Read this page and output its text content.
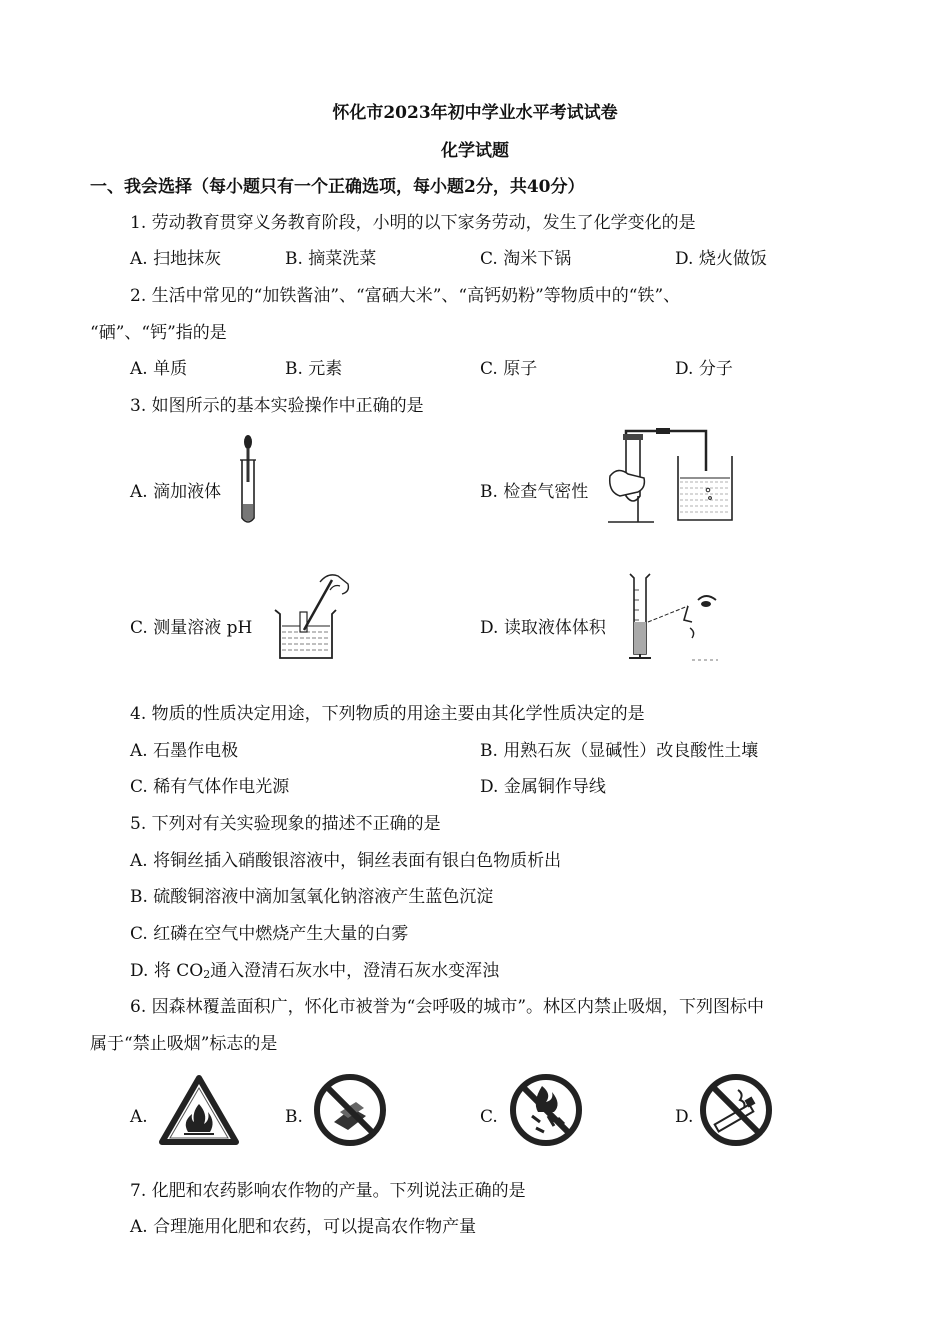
怀化市2023年初中学业水平考试试卷
化学试题
一、我会选择（每小题只有一个正确选项，每小题2分，共40分）
1. 劳动教育贯穿义务教育阶段，小明的以下家务劳动，发生了化学变化的是
A. 扫地抹灰	B. 摘菜洗菜	C. 淘米下锅	D. 烧火做饭
2. 生活中常见的“加铁酱油”、“富硒大米”、“高钙奶粉”等物质中的“铁”、
“硒”、“钙”指的是
A. 单质	B. 元素	C. 原子	D. 分子
3. 如图所示的基本实验操作中正确的是
A. 滴加液体	B. 检查气密性
C. 测量溶液 pH	D. 读取液体体积
4. 物质的性质决定用途，下列物质的用途主要由其化学性质决定的是
A. 石墨作电极	B. 用熟石灰（显碱性）改良酸性土壤
C. 稀有气体作电光源	D. 金属铜作导线
5. 下列对有关实验现象的描述不正确的是
A. 将铜丝插入硝酸银溶液中，铜丝表面有银白色物质析出
B. 硫酸铜溶液中滴加氢氧化钠溶液产生蓝色沉淀
C. 红磷在空气中燃烧产生大量的白雾
D. 将 $CO_2$通入澄清石灰水中，澄清石灰水变浑浊
6. 因森林覆盖面积广，怀化市被誉为“会呼吸的城市”。林区内禁止吸烟，下列图标中
属于“禁止吸烟”标志的是
A.	B.	C.	D.
7. 化肥和农药影响农作物的产量。下列说法正确的是
A. 合理施用化肥和农药，可以提高农作物产量
